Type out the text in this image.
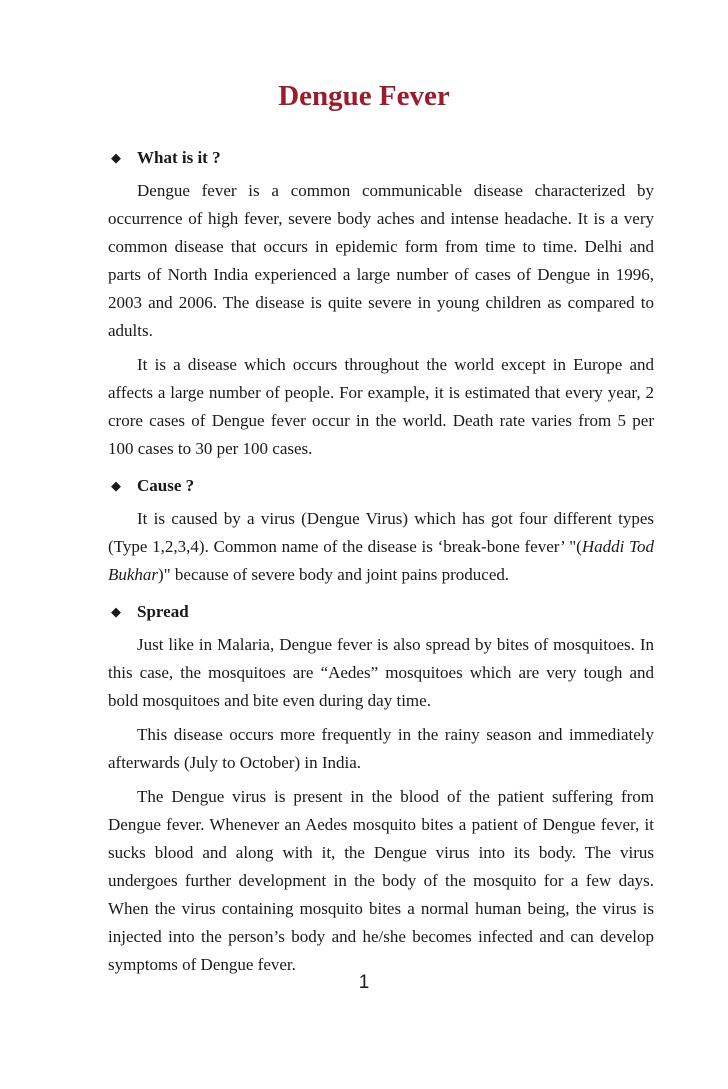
Dengue Fever
◆ What is it ?

Dengue fever is a common communicable disease characterized by occurrence of high fever, severe body aches and intense headache. It is a very common disease that occurs in epidemic form from time to time. Delhi and parts of North India experienced a large number of cases of Dengue in 1996, 2003 and 2006. The disease is quite severe in young children as compared to adults.

It is a disease which occurs throughout the world except in Europe and affects a large number of people. For example, it is estimated that every year, 2 crore cases of Dengue fever occur in the world. Death rate varies from 5 per 100 cases to 30 per 100 cases.

◆ Cause ?

It is caused by a virus (Dengue Virus) which has got four different types (Type 1,2,3,4). Common name of the disease is ‘break-bone fever’ "(Haddi Tod Bukhar)" because of severe body and joint pains produced.

◆ Spread

Just like in Malaria, Dengue fever is also spread by bites of mosquitoes. In this case, the mosquitoes are “Aedes” mosquitoes which are very tough and bold mosquitoes and bite even during day time.

This disease occurs more frequently in the rainy season and immediately afterwards (July to October) in India.

The Dengue virus is present in the blood of the patient suffering from Dengue fever. Whenever an Aedes mosquito bites a patient of Dengue fever, it sucks blood and along with it, the Dengue virus into its body. The virus undergoes further development in the body of the mosquito for a few days. When the virus containing mosquito bites a normal human being, the virus is injected into the person’s body and he/she becomes infected and can develop symptoms of Dengue fever.

1
